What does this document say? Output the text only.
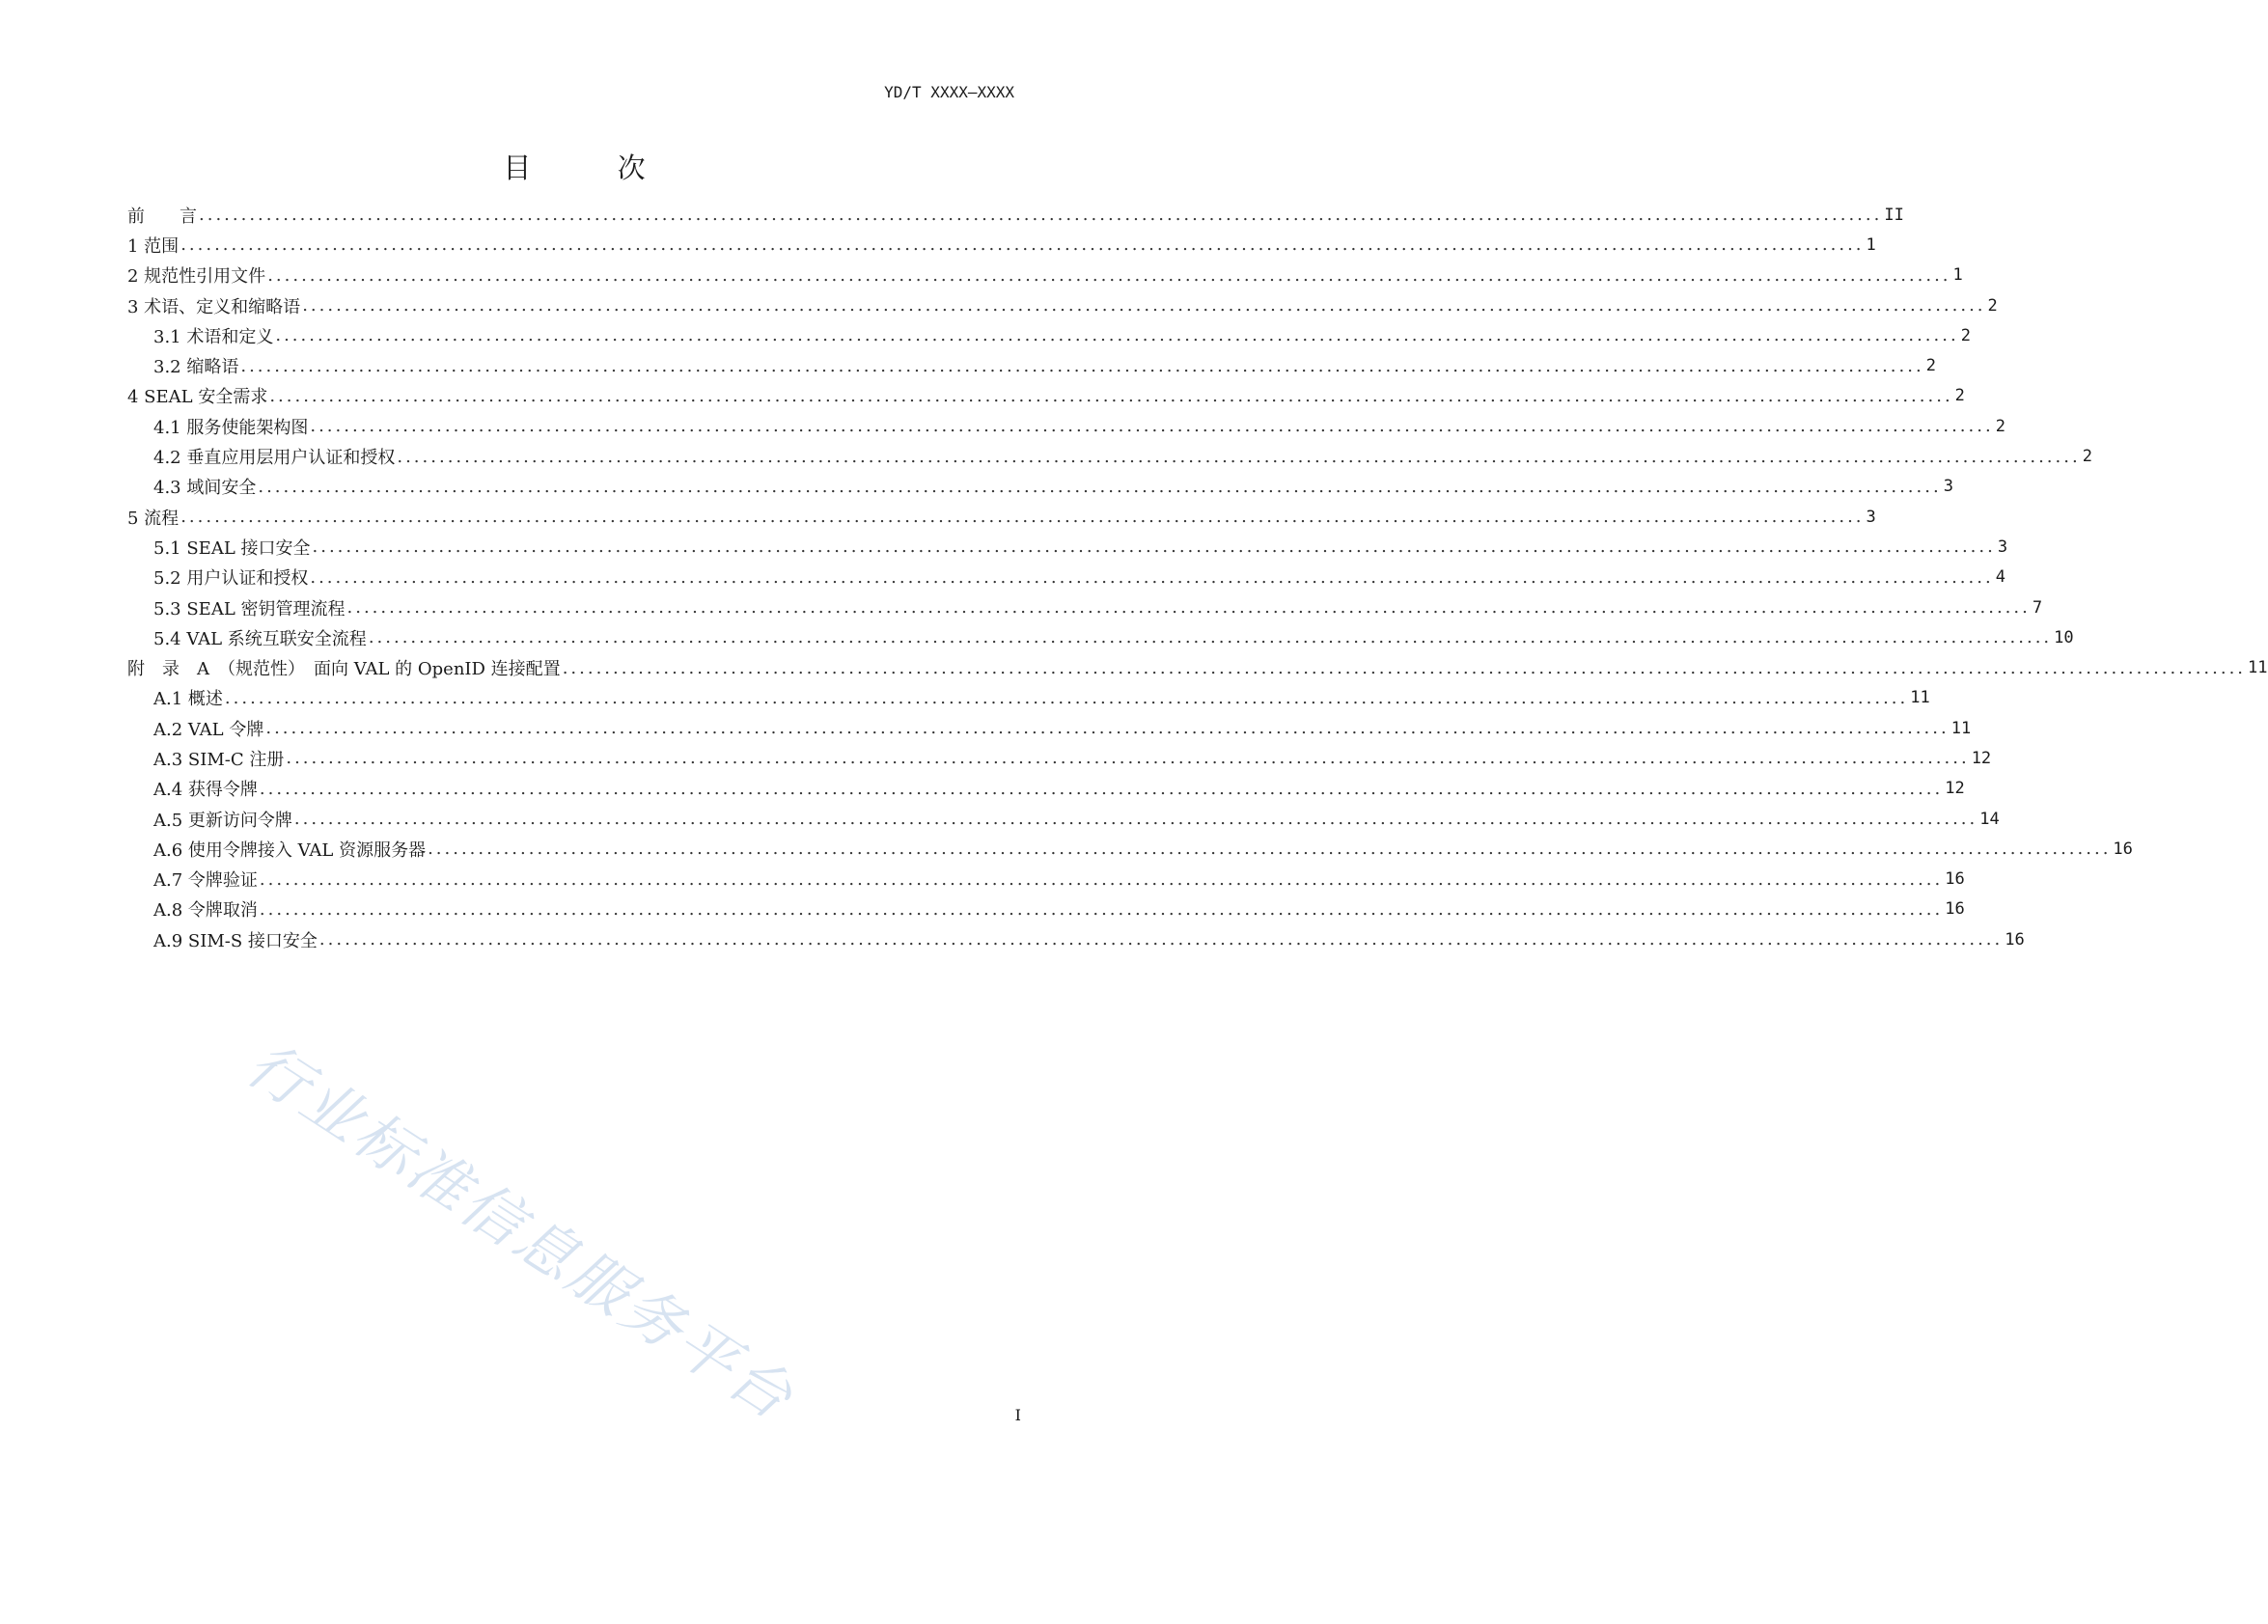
YD/T XXXX—XXXX
目 次
前　　言 ........................................................................................................................................................................................................ II
1 范围 ........................................................................................................................................................................................................ 1
2 规范性引用文件 ........................................................................................................................................................................................................ 1
3 术语、定义和缩略语 ........................................................................................................................................................................................................ 2
3.1 术语和定义 ........................................................................................................................................................................................................ 2
3.2 缩略语 ........................................................................................................................................................................................................ 2
4 SEAL 安全需求 ........................................................................................................................................................................................................ 2
4.1 服务使能架构图 ........................................................................................................................................................................................................ 2
4.2 垂直应用层用户认证和授权 ........................................................................................................................................................................................................ 2
4.3 域间安全 ........................................................................................................................................................................................................ 3
5 流程 ........................................................................................................................................................................................................ 3
5.1 SEAL 接口安全 ........................................................................................................................................................................................................ 3
5.2 用户认证和授权 ........................................................................................................................................................................................................ 4
5.3 SEAL 密钥管理流程 ........................................................................................................................................................................................................ 7
5.4 VAL 系统互联安全流程 ........................................................................................................................................................................................................ 10
附　录　A　（规范性）　面向 VAL 的 OpenID 连接配置 ........................................................................................................................................................................................................ 11
A.1 概述 ........................................................................................................................................................................................................ 11
A.2 VAL 令牌 ........................................................................................................................................................................................................ 11
A.3 SIM-C 注册 ........................................................................................................................................................................................................ 12
A.4 获得令牌 ........................................................................................................................................................................................................ 12
A.5 更新访问令牌 ........................................................................................................................................................................................................ 14
A.6 使用令牌接入 VAL 资源服务器 ........................................................................................................................................................................................................ 16
A.7 令牌验证 ........................................................................................................................................................................................................ 16
A.8 令牌取消 ........................................................................................................................................................................................................ 16
A.9 SIM-S 接口安全 ........................................................................................................................................................................................................ 16
行业标准信息服务平台	I
